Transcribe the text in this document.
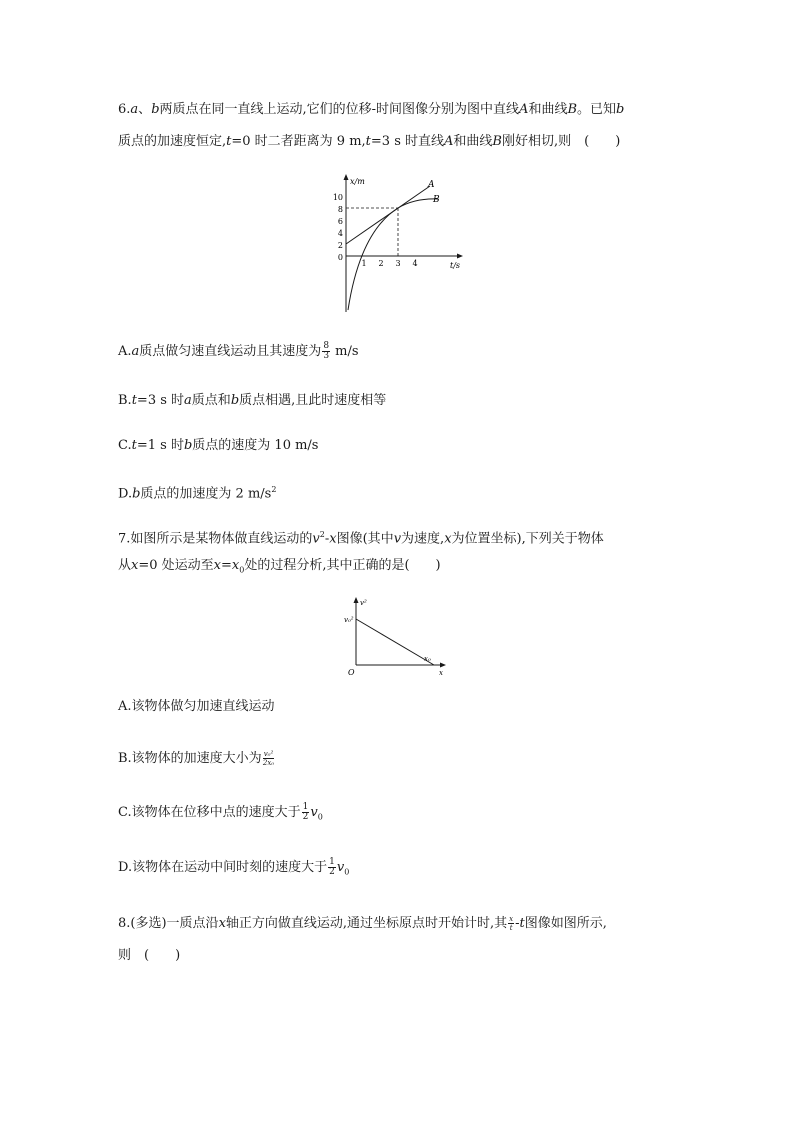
6.a、b两质点在同一直线上运动,它们的位移-时间图像分别为图中直线A和曲线B。已知b
质点的加速度恒定,t=0 时二者距离为 9 m,t=3 s 时直线A和曲线B刚好相切,则　(　　)
x/m
t/s
10
8
6
4
2
0
1 2 3 4
A
B
A.a质点做匀速直线运动且其速度为 $\frac{8}{3} m/s$
B.t=3 s 时a质点和b质点相遇,且此时速度相等
C.t=1 s 时b质点的速度为 10 m/s
D.b质点的加速度为 2 $m/s^2$
7.如图所示是某物体做直线运动的$v^2-x$图像(其中v为速度,x为位置坐标),下列关于物体
从x=0 处运动至$x=x_0$处的过程分析,其中正确的是(　　)
v²
v₀²
x₀
x
O
A.该物体做匀加速直线运动
B.该物体的加速度大小为 $\frac{\text{v₀²}}{\text{2x₀}}$
C.该物体在位移中点的速度大于 $\frac{1}{2} v_0$
D.该物体在运动中间时刻的速度大于 $\frac{1}{2} v_0$
8.(多选)一质点沿x轴正方向做直线运动,通过坐标原点时开始计时,其 $\frac{x}{t} -t$图像如图所示,
则　(　　)
